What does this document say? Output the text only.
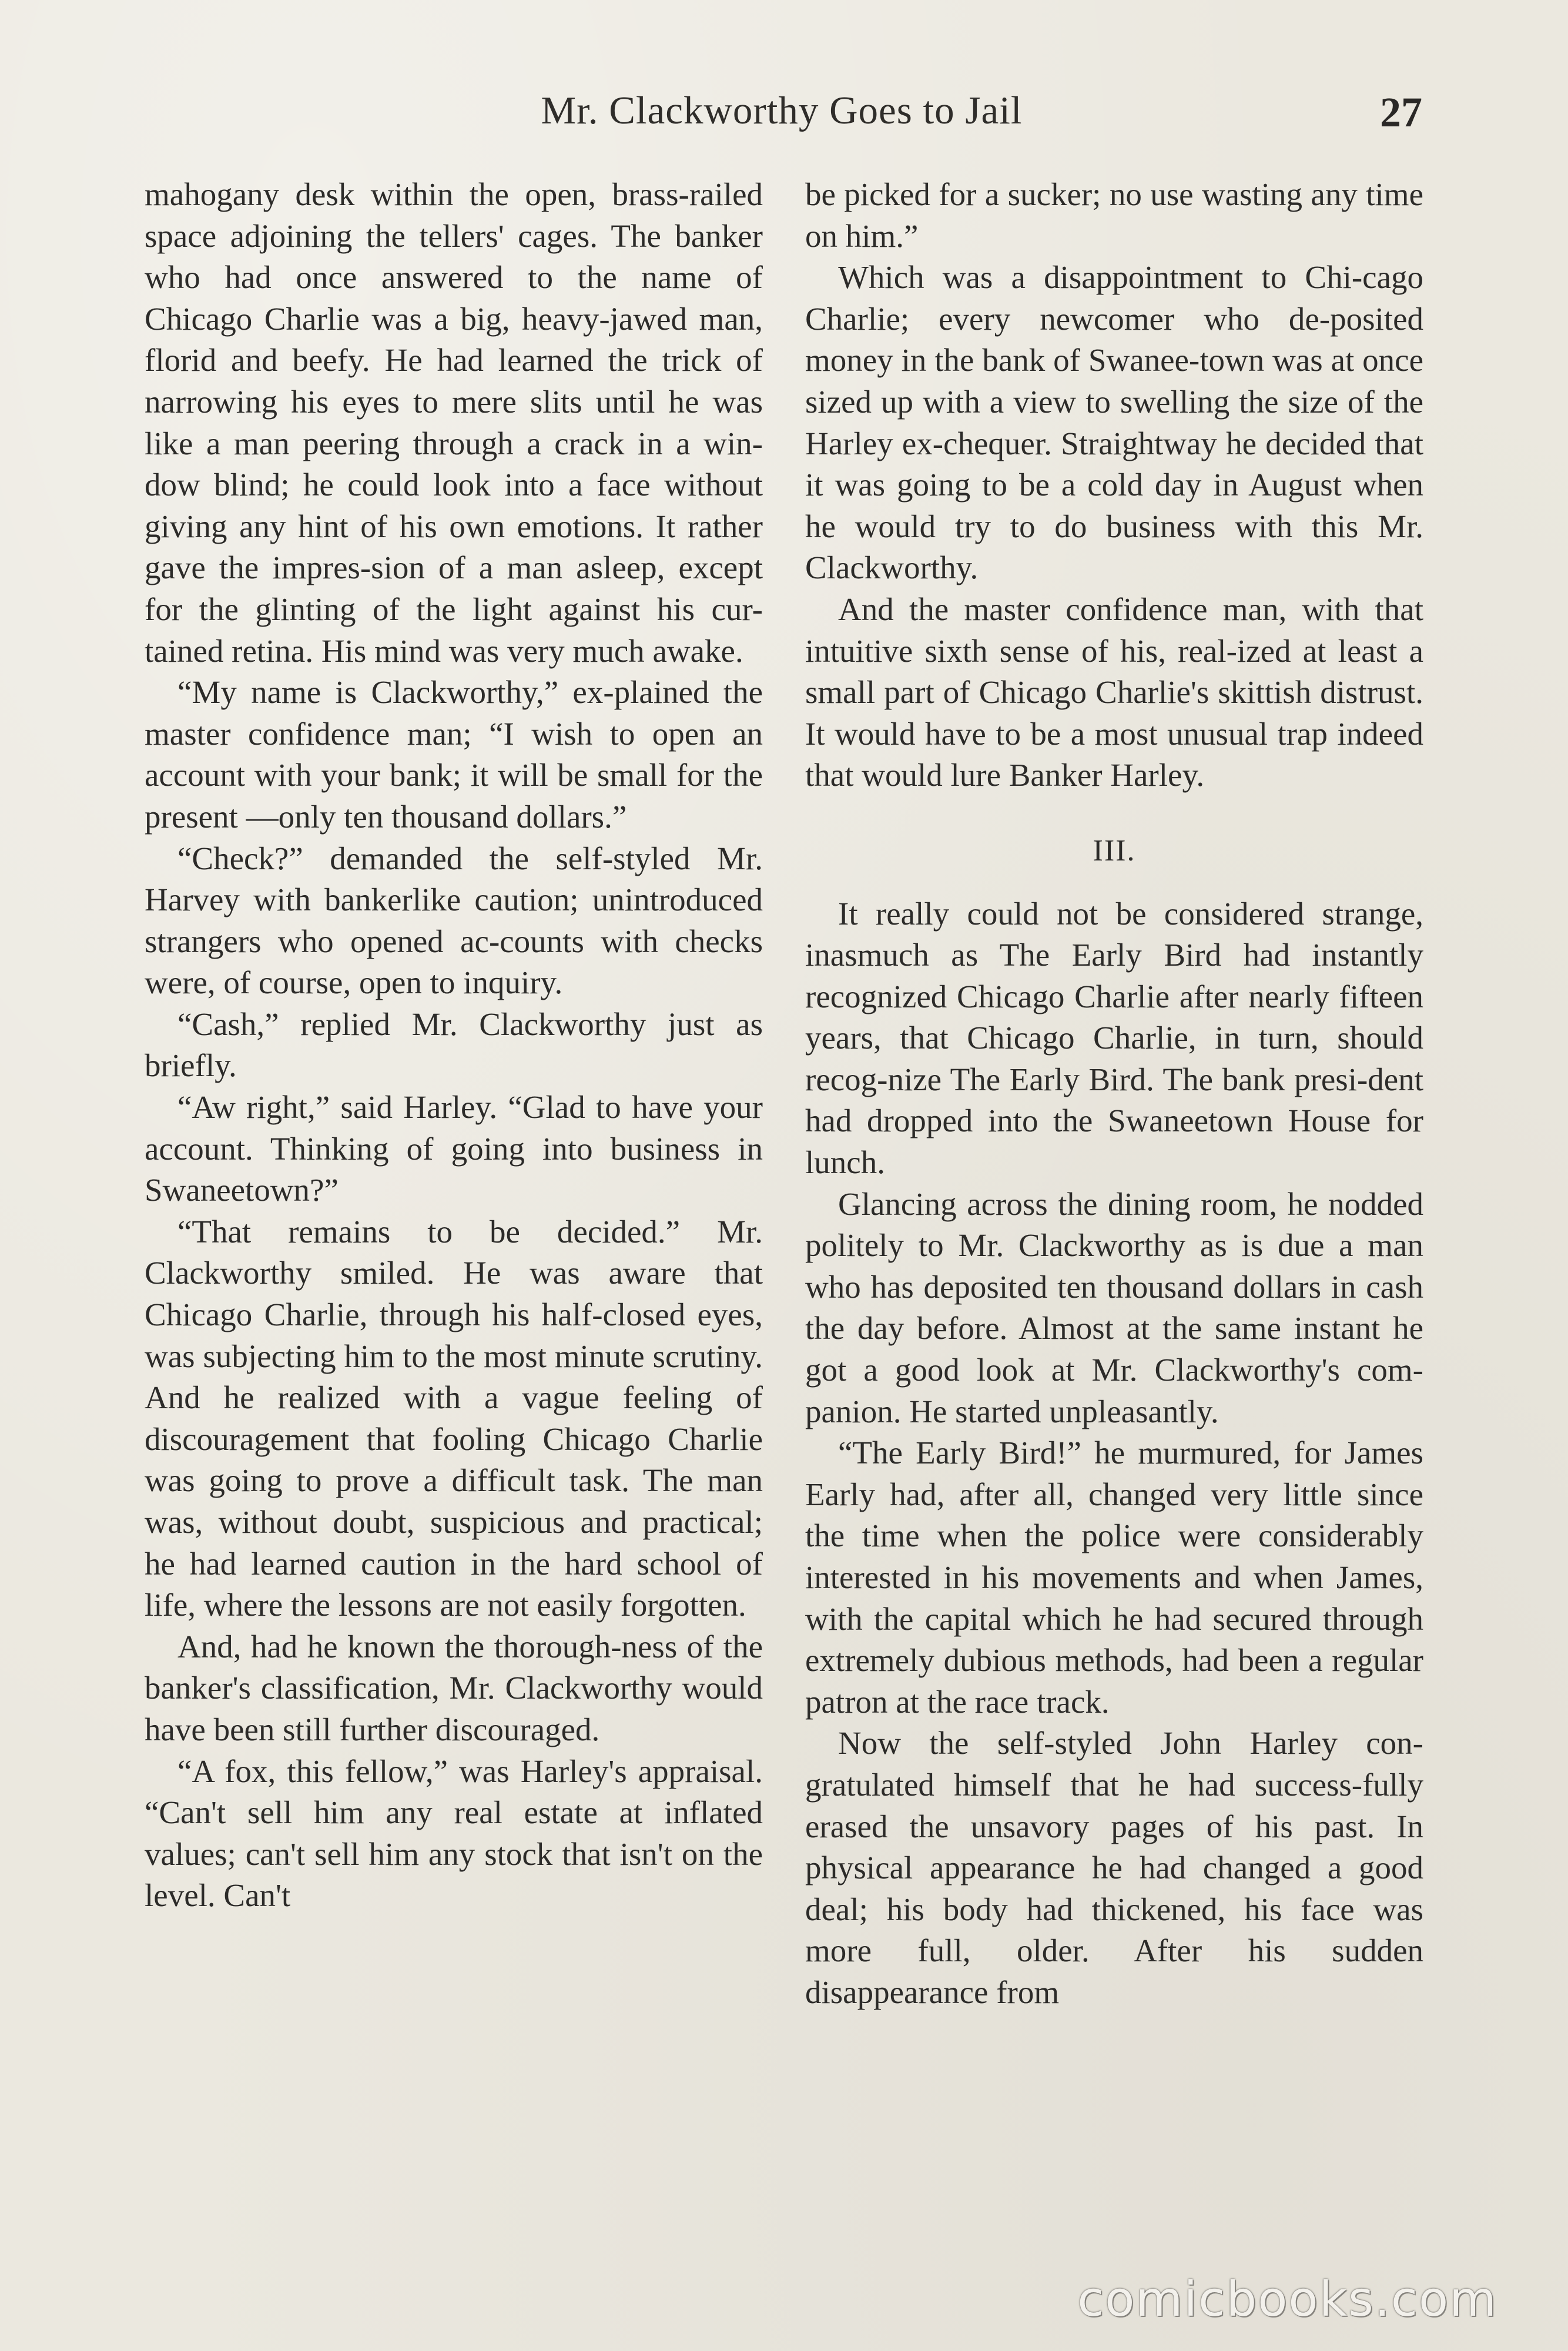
Mr. Clackworthy Goes to Jail	27

mahogany desk within the open, brass-railed space adjoining the tellers' cages. The banker who had once answered to the name of Chicago Charlie was a big, heavy-jawed man, florid and beefy. He had learned the trick of narrowing his eyes to mere slits until he was like a man peering through a crack in a win-dow blind; he could look into a face without giving any hint of his own emotions. It rather gave the impres-sion of a man asleep, except for the glinting of the light against his cur-tained retina. His mind was very much awake.

“My name is Clackworthy,” ex-plained the master confidence man; “I wish to open an account with your bank; it will be small for the present —only ten thousand dollars.”

“Check?” demanded the self-styled Mr. Harvey with bankerlike caution; unintroduced strangers who opened ac-counts with checks were, of course, open to inquiry.

“Cash,” replied Mr. Clackworthy just as briefly.

“Aw right,” said Harley. “Glad to have your account. Thinking of going into business in Swaneetown?”

“That remains to be decided.” Mr. Clackworthy smiled. He was aware that Chicago Charlie, through his half-closed eyes, was subjecting him to the most minute scrutiny. And he realized with a vague feeling of discouragement that fooling Chicago Charlie was going to prove a difficult task. The man was, without doubt, suspicious and practical; he had learned caution in the hard school of life, where the lessons are not easily forgotten.

And, had he known the thorough-ness of the banker's classification, Mr. Clackworthy would have been still further discouraged.

“A fox, this fellow,” was Harley's appraisal. “Can't sell him any real estate at inflated values; can't sell him any stock that isn't on the level. Can't

be picked for a sucker; no use wasting any time on him.”

Which was a disappointment to Chi-cago Charlie; every newcomer who de-posited money in the bank of Swanee-town was at once sized up with a view to swelling the size of the Harley ex-chequer. Straightway he decided that it was going to be a cold day in August when he would try to do business with this Mr. Clackworthy.

And the master confidence man, with that intuitive sixth sense of his, real-ized at least a small part of Chicago Charlie's skittish distrust. It would have to be a most unusual trap indeed that would lure Banker Harley.

III.

It really could not be considered strange, inasmuch as The Early Bird had instantly recognized Chicago Charlie after nearly fifteen years, that Chicago Charlie, in turn, should recog-nize The Early Bird. The bank presi-dent had dropped into the Swaneetown House for lunch.

Glancing across the dining room, he nodded politely to Mr. Clackworthy as is due a man who has deposited ten thousand dollars in cash the day before. Almost at the same instant he got a good look at Mr. Clackworthy's com-panion. He started unpleasantly.

“The Early Bird!” he murmured, for James Early had, after all, changed very little since the time when the police were considerably interested in his movements and when James, with the capital which he had secured through extremely dubious methods, had been a regular patron at the race track.

Now the self-styled John Harley con-gratulated himself that he had success-fully erased the unsavory pages of his past. In physical appearance he had changed a good deal; his body had thickened, his face was more full, older. After his sudden disappearance from

comicbooks.com
